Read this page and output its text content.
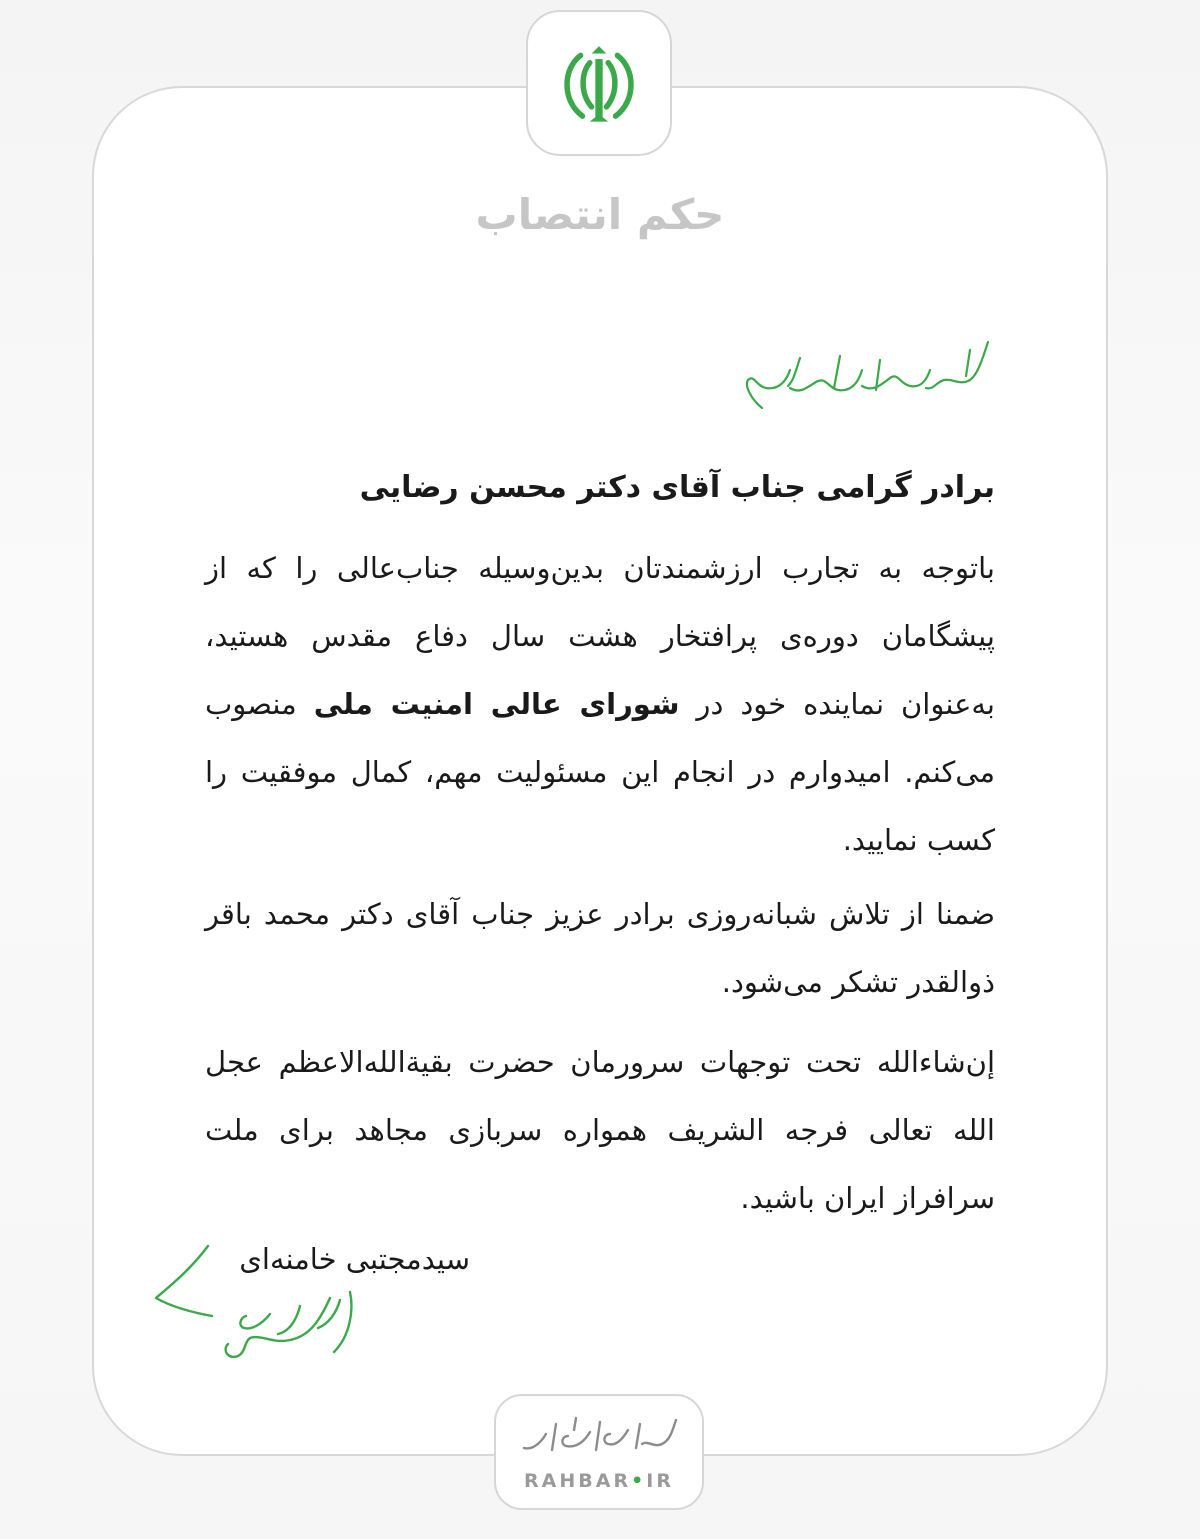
حکم انتصاب
برادر گرامی جناب آقای دکتر محسن رضایی
باتوجه به تجارب ارزشمندتان بدین‌وسیله جناب‌عالی را که از پیشگامان دوره‌ی پرافتخار هشت سال دفاع مقدس هستید، به‌عنوان نماینده خود در شورای عالی امنیت ملی منصوب می‌کنم. امیدوارم در انجام این مسئولیت مهم، کمال موفقیت را کسب نمایید.
ضمنا از تلاش شبانه‌روزی برادر عزیز جناب آقای دکتر محمد باقر ذوالقدر تشکر می‌شود.
إن‌شاءالله تحت توجهات سرورمان حضرت بقیة‌الله‌الاعظم عجل الله تعالی فرجه الشریف همواره سربازی مجاهد برای ملت سرافراز ایران باشید.
سیدمجتبی خامنه‌ای
RAHBAR•IR
